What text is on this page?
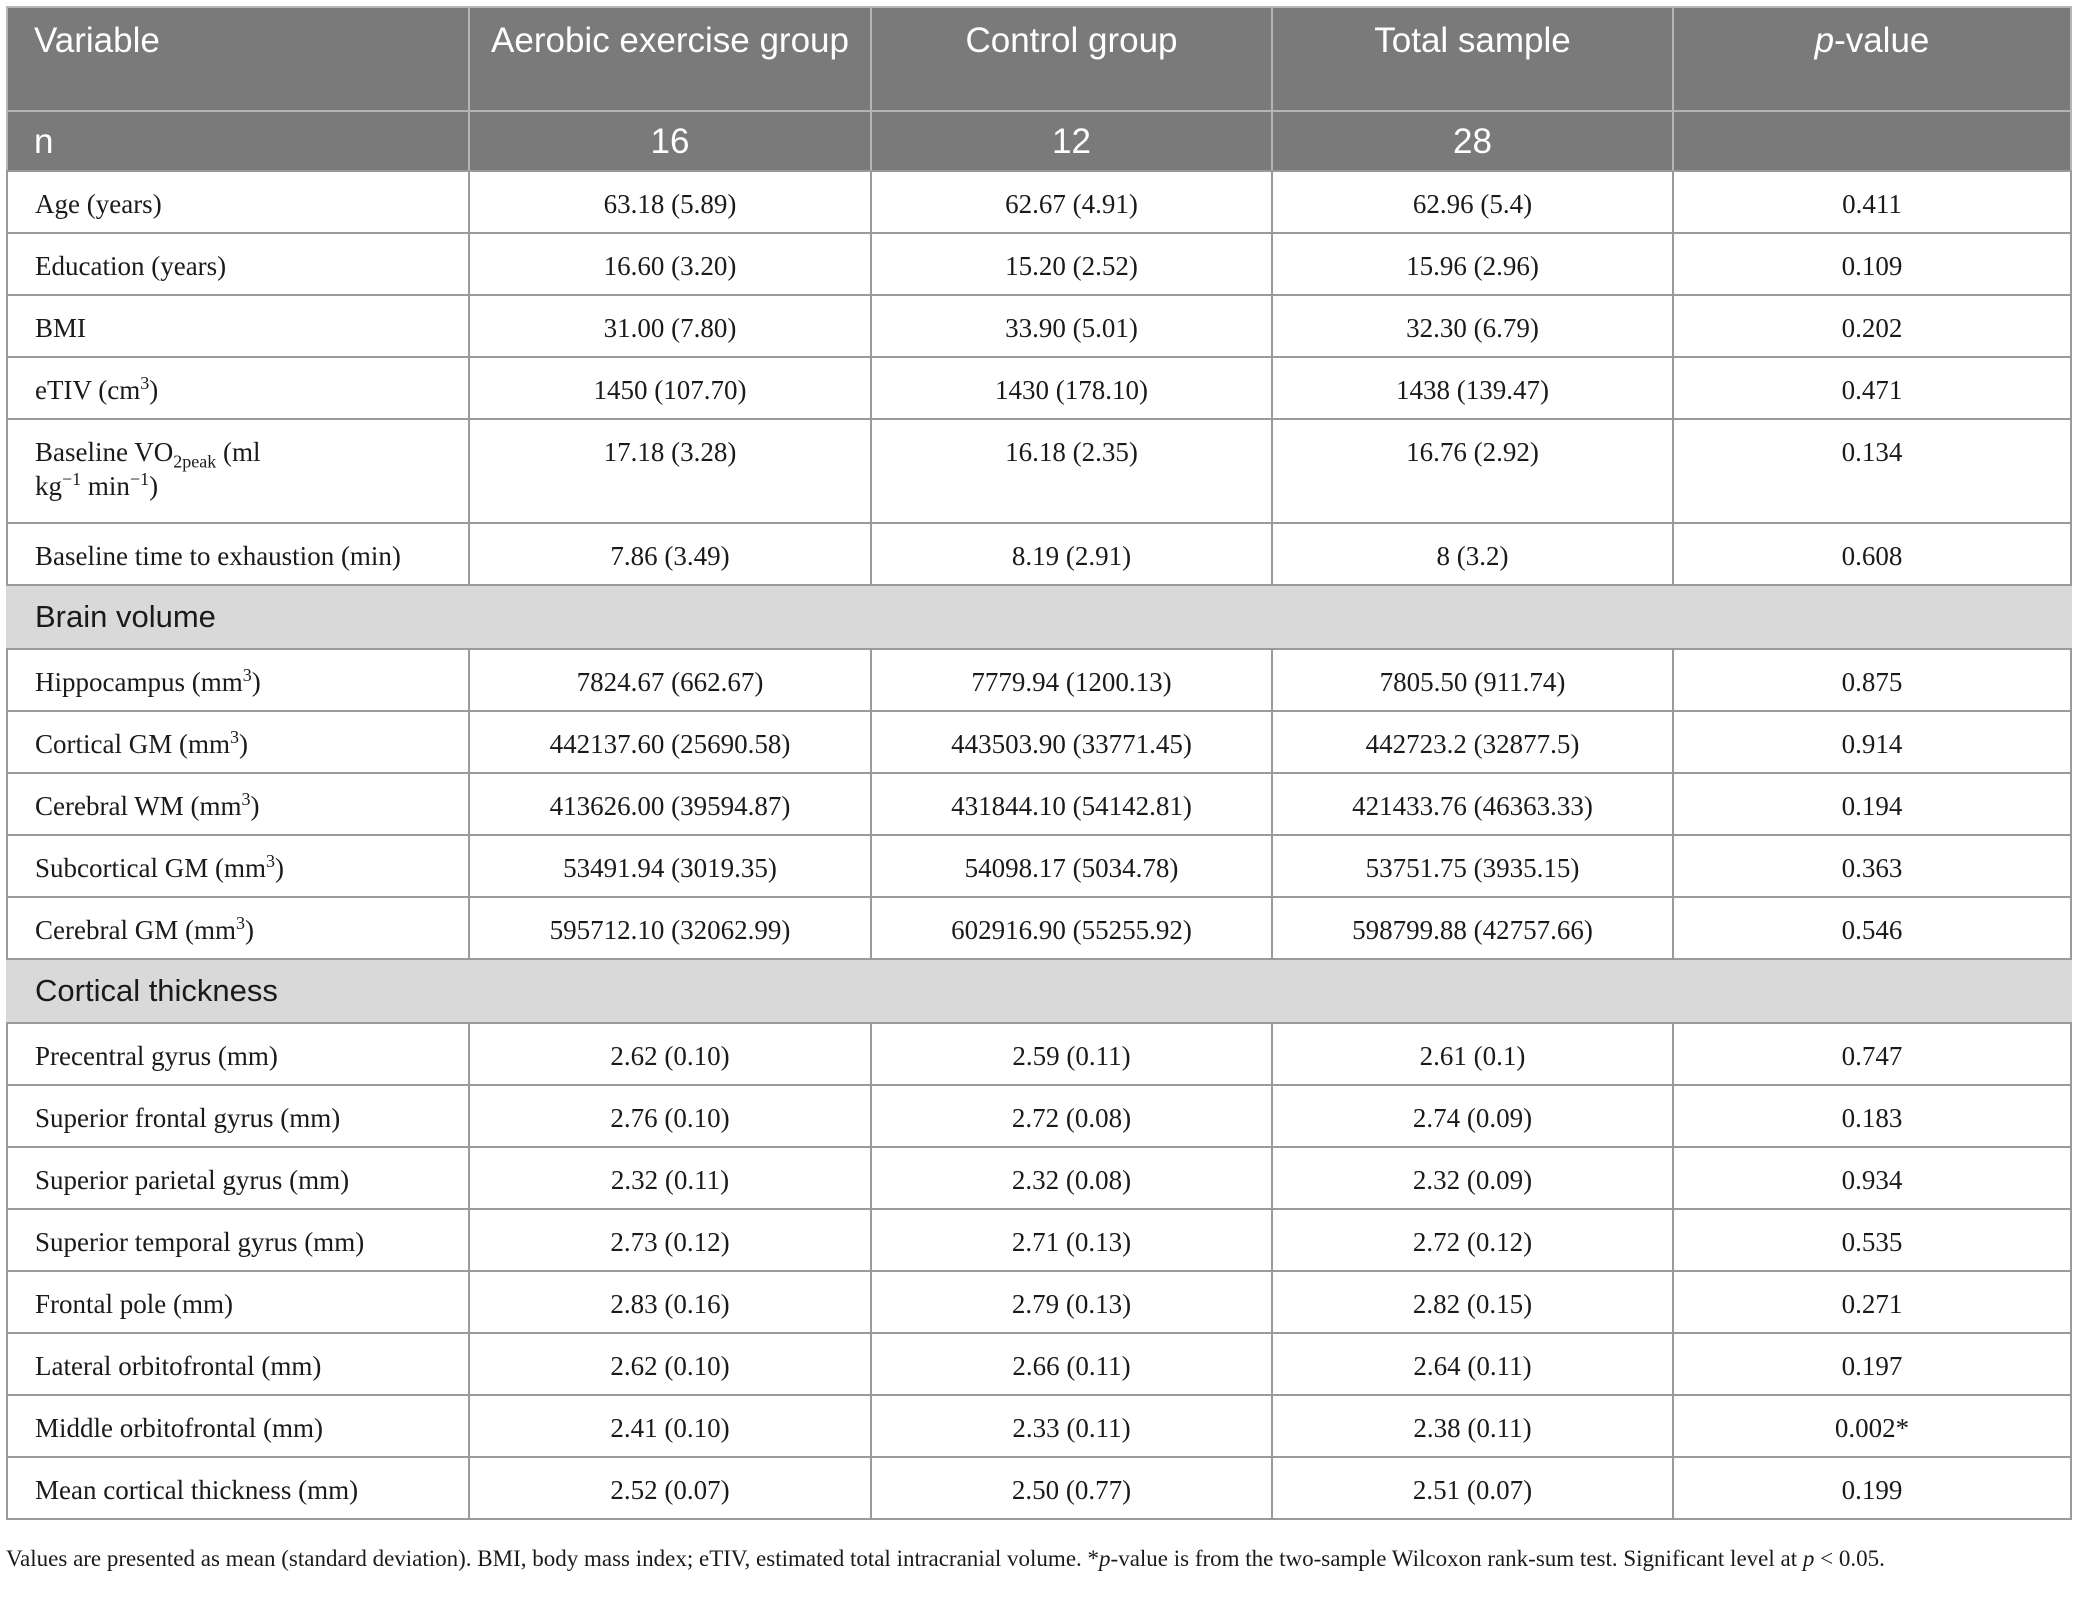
Variable	Aerobic exercise group	Control group	Total sample	p-value
n	16	12	28	
Age (years)	63.18 (5.89)	62.67 (4.91)	62.96 (5.4)	0.411
Education (years)	16.60 (3.20)	15.20 (2.52)	15.96 (2.96)	0.109
BMI	31.00 (7.80)	33.90 (5.01)	32.30 (6.79)	0.202
eTIV $(cm^3)$	1450 (107.70)	1430 (178.10)	1438 (139.47)	0.471
Baseline $VO_{2peak}$ (ml
$kg^{-1}$ $\min^{-1}$)	17.18 (3.28)	16.18 (2.35)	16.76 (2.92)	0.134
Baseline time to exhaustion (min)	7.86 (3.49)	8.19 (2.91)	8 (3.2)	0.608
Brain volume				
Hippocampus $(mm^3)$	7824.67 (662.67)	7779.94 (1200.13)	7805.50 (911.74)	0.875
Cortical GM $(mm^3)$	442137.60 (25690.58)	443503.90 (33771.45)	442723.2 (32877.5)	0.914
Cerebral WM $(mm^3)$	413626.00 (39594.87)	431844.10 (54142.81)	421433.76 (46363.33)	0.194
Subcortical GM $(mm^3)$	53491.94 (3019.35)	54098.17 (5034.78)	53751.75 (3935.15)	0.363
Cerebral GM $(mm^3)$	595712.10 (32062.99)	602916.90 (55255.92)	598799.88 (42757.66)	0.546
Cortical thickness				
Precentral gyrus (mm)	2.62 (0.10)	2.59 (0.11)	2.61 (0.1)	0.747
Superior frontal gyrus (mm)	2.76 (0.10)	2.72 (0.08)	2.74 (0.09)	0.183
Superior parietal gyrus (mm)	2.32 (0.11)	2.32 (0.08)	2.32 (0.09)	0.934
Superior temporal gyrus (mm)	2.73 (0.12)	2.71 (0.13)	2.72 (0.12)	0.535
Frontal pole (mm)	2.83 (0.16)	2.79 (0.13)	2.82 (0.15)	0.271
Lateral orbitofrontal (mm)	2.62 (0.10)	2.66 (0.11)	2.64 (0.11)	0.197
Middle orbitofrontal (mm)	2.41 (0.10)	2.33 (0.11)	2.38 (0.11)	0.002*
Mean cortical thickness (mm)	2.52 (0.07)	2.50 (0.77)	2.51 (0.07)	0.199
Values are presented as mean (standard deviation). BMI, body mass index; eTIV, estimated total intracranial volume. *p-value is from the two-sample Wilcoxon rank-sum test. Significant level at p < 0.05.
